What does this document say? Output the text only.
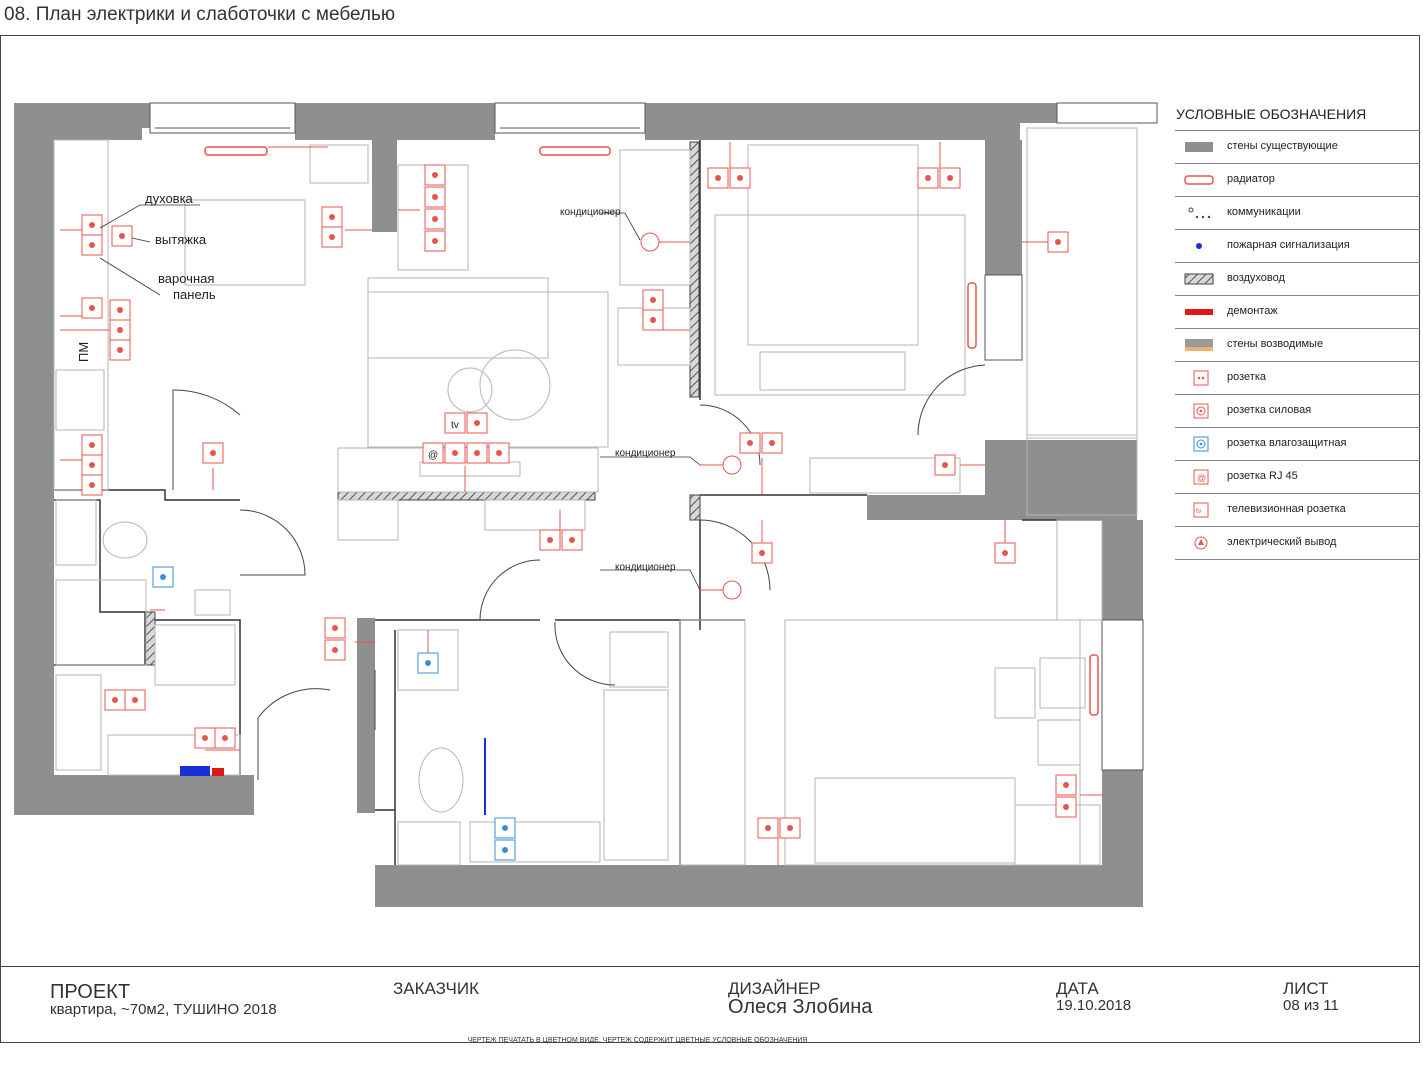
08. План электрики и слаботочки с мебелью
tv
@
духовка
вытяжка
варочная
панель
кондиционер
кондиционер
кондиционер
ПМ
УСЛОВНЫЕ ОБОЗНАЧЕНИЯ
стены существующие
радиатор
коммуникации
пожарная сигнализация
воздуховод
демонтаж
стены возводимые
розетка
розетка силовая
розетка влагозащитная
@ розетка RJ 45
tv телевизионная розетка
электрический вывод
ПРОЕКТ
квартира, ~70м2, ТУШИНО 2018
ЗАКАЗЧИК	ДИЗАЙНЕР
Олеся Злобина
ДАТА
19.10.2018
ЛИСТ
08 из 11
ЧЕРТЕЖ ПЕЧАТАТЬ В ЦВЕТНОМ ВИДЕ, ЧЕРТЕЖ СОДЕРЖИТ ЦВЕТНЫЕ УСЛОВНЫЕ ОБОЗНАЧЕНИЯ
